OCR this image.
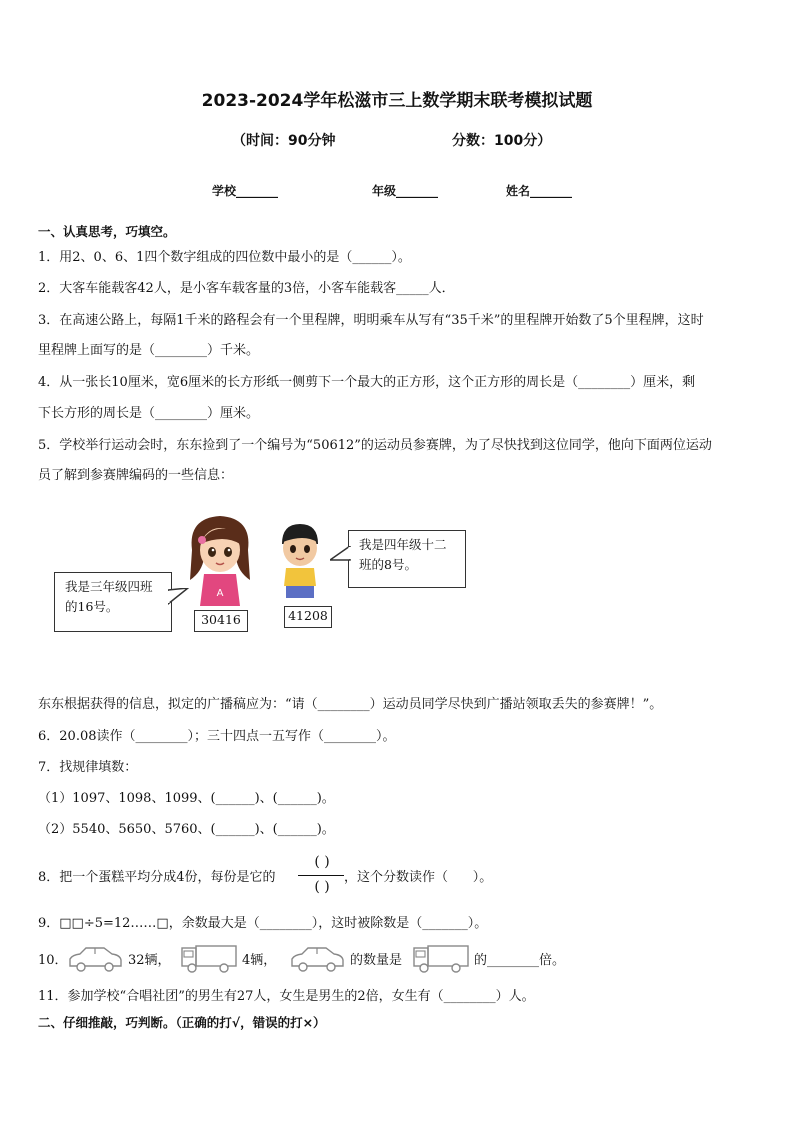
2023-2024学年松滋市三上数学期末联考模拟试题
（时间：90分钟	分数：100分）
学校_______	年级_______	姓名_______
一、认真思考，巧填空。
1．用2、0、6、1四个数字组成的四位数中最小的是（______）。
2．大客车能载客42人，是小客车载客量的3倍，小客车能载客_____人．
3．在高速公路上，每隔1千米的路程会有一个里程牌，明明乘车从写有“35千米”的里程牌开始数了5个里程牌，这时
里程牌上面写的是（________）千米。
4．从一张长10厘米，宽6厘米的长方形纸一侧剪下一个最大的正方形，这个正方形的周长是（________）厘米，剩
下长方形的周长是（________）厘米。
5．学校举行运动会时，东东捡到了一个编号为“50612”的运动员参赛牌，为了尽快找到这位同学，他向下面两位运动
员了解到参赛牌编码的一些信息：
我是三年级四班的16号。
A
30416	41208
我是四年级十二班的8号。
东东根据获得的信息，拟定的广播稿应为：“请（________）运动员同学尽快到广播站领取丢失的参赛牌！”。
6．20.08读作（________）；三十四点一五写作（________）。
7．找规律填数：
（1）1097、1098、1099、(______)、(______)。
（2）5540、5650、5760、(______)、(______)。
8．把一个蛋糕平均分成4份，每份是它的
( )
( )
，这个分数读作（      ）。
9．□□÷5=12……□，余数最大是（________），这时被除数是（_______）。
10．	32辆，	4辆，	的数量是	的________倍。
11．参加学校“合唱社团”的男生有27人，女生是男生的2倍，女生有（________）人。
二、仔细推敲，巧判断。（正确的打√，错误的打×）
